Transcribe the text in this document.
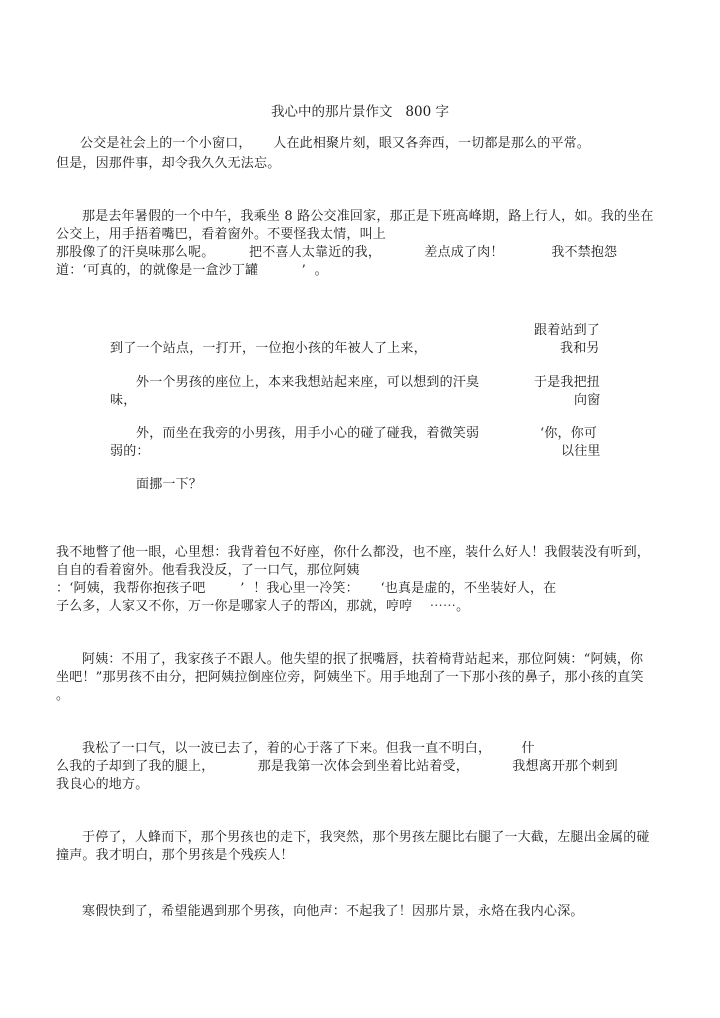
我心中的那片景作文   800 字
公交是社会上的一个小窗口，     人在此相聚片刻，眼又各奔西，一切都是那么的平常。
但是，因那件事，却令我久久无法忘。
那是去年暑假的一个中午，我乘坐 8 路公交准回家，那正是下班高峰期，路上行人，如。我的坐在
公交上，用手捂着嘴巴，看着窗外。不要怪我太情，叫上
那股像了的汗臭味那么呢。        把不喜人太靠近的我，          差点成了肉！           我不禁抱怨
道：‘可真的，的就像是一盒沙丁罐          ’  。
跟着站到了
到了一个站点，一打开，一位抱小孩的年被人了上来，	我和另
外一个男孩的座位上，本来我想站起来座，可以想到的汗臭	于是我把扭
味，	向窗
外，而坐在我旁的小男孩，用手小心的碰了碰我，着微笑弱	‘你，你可
弱的：	以往里
面挪一下？
我不地瞥了他一眼，心里想：我背着包不好座，你什么都没，也不座，装什么好人！我假装没有听到，
自自的看着窗外。他看我没反，了一口气，那位阿姨
：‘阿姨，我帮你抱孩子吧        ’  ！我心里一冷笑：     ‘也真是虚的，不坐装好人，在
子么多，人家又不你，万一你是哪家人子的帮凶，那就，哼哼    ⋯⋯。
阿姨：不用了，我家孩子不跟人。他失望的抿了抿嘴唇，扶着椅背站起来，那位阿姨：“阿姨，你
坐吧！”那男孩不由分，把阿姨拉倒座位旁，阿姨坐下。用手地刮了一下那小孩的鼻子，那小孩的直笑
。
我松了一口气，以一波已去了，着的心于落了下来。但我一直不明白，       什
么我的子却到了我的腿上，          那是我第一次体会到坐着比站着受，          我想离开那个刺到
我良心的地方。
于停了，人蜂而下，那个男孩也的走下，我突然，那个男孩左腿比右腿了一大截，左腿出金属的碰
撞声。我才明白，那个男孩是个残疾人！
寒假快到了，希望能遇到那个男孩，向他声：不起我了！因那片景，永烙在我内心深。
